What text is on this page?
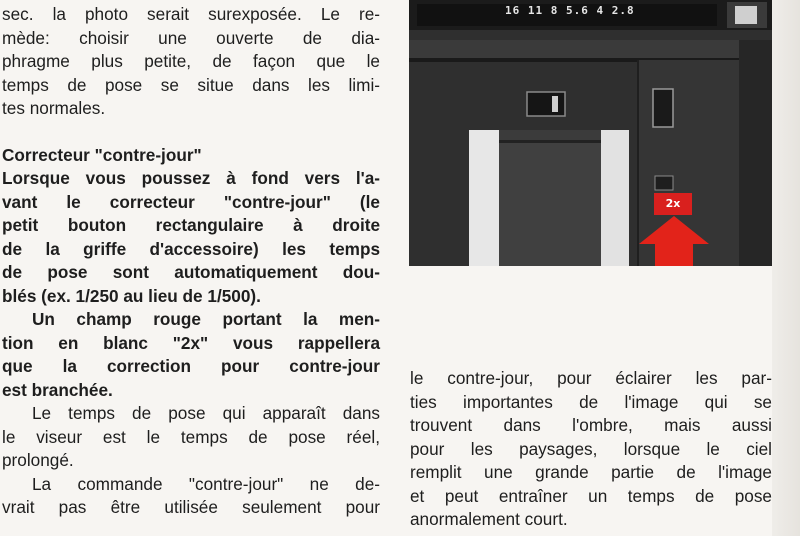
sec. la photo serait surexposée. Le re-
mède: choisir une ouverte de dia-
phragme plus petite, de façon que le
temps de pose se situe dans les limi-
tes normales.
Correcteur "contre-jour"
Lorsque vous poussez à fond vers l'a-
vant le correcteur "contre-jour" (le
petit bouton rectangulaire à droite
de la griffe d'accessoire) les temps
de pose sont automatiquement dou-
blés (ex. 1/250 au lieu de 1/500).
Un champ rouge portant la men-
tion en blanc "2x" vous rappellera
que la correction pour contre-jour
est branchée.
Le temps de pose qui apparaît dans
le viseur est le temps de pose réel,
prolongé.
La commande "contre-jour" ne de-
vrait pas être utilisée seulement pour
16 11 8 5.6 4 2.8
2x
le contre-jour, pour éclairer les par-
ties importantes de l'image qui se
trouvent dans l'ombre, mais aussi
pour les paysages, lorsque le ciel
remplit une grande partie de l'image
et peut entraîner un temps de pose
anormalement court.
